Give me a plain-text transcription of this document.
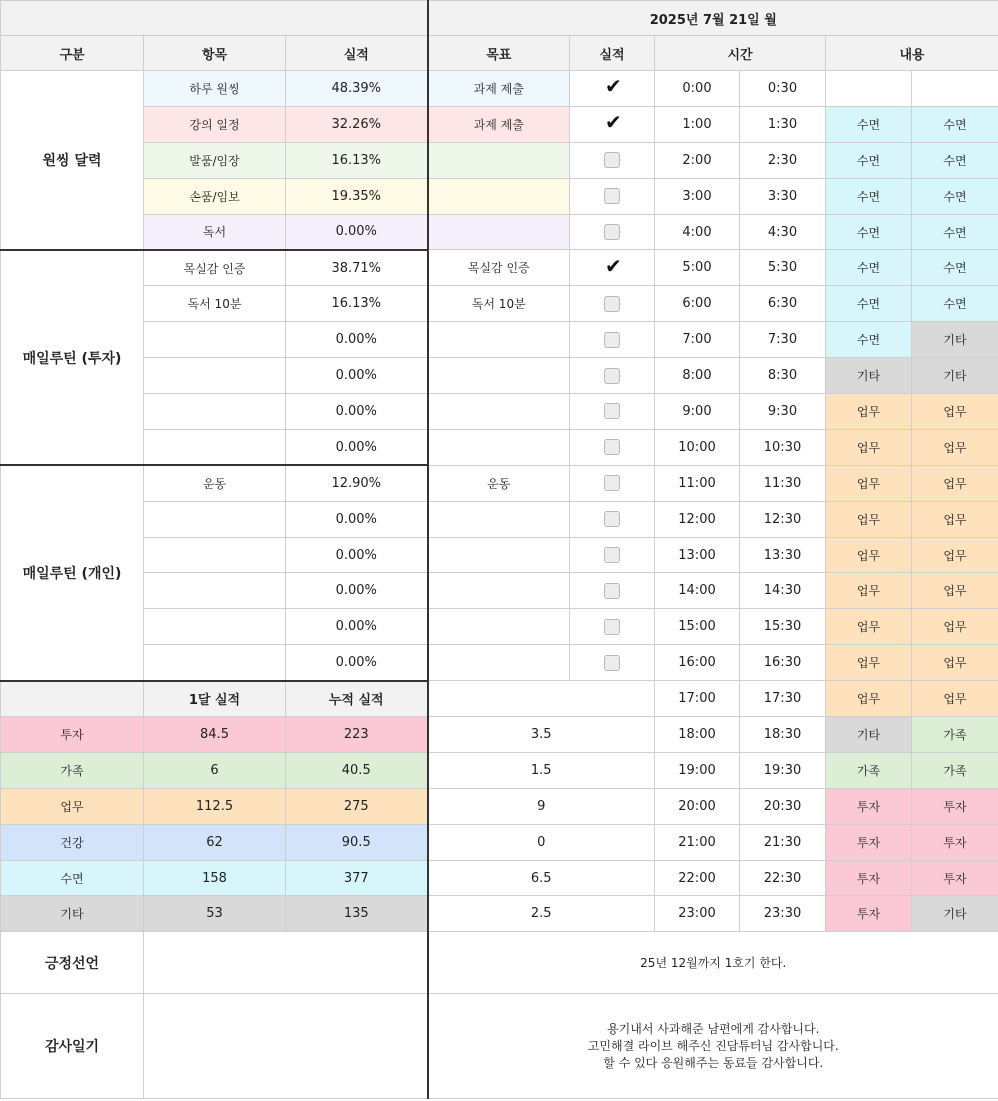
			2025년 7월 21일 월					
구분	항목	실적	목표	실적	시간		내용	
원씽 달력	하루 원씽	48.39%	과제 제출	✔	0:00	0:30		
	강의 일정	32.26%	과제 제출	✔	1:00	1:30	수면	수면
	발품/임장	16.13%			2:00	2:30	수면	수면
	손품/임보	19.35%			3:00	3:30	수면	수면
	독서	0.00%			4:00	4:30	수면	수면
매일루틴 (투자)	목실감 인증	38.71%	목실감 인증	✔	5:00	5:30	수면	수면
	독서 10분	16.13%	독서 10분		6:00	6:30	수면	수면
		0.00%			7:00	7:30	수면	기타
		0.00%			8:00	8:30	기타	기타
		0.00%			9:00	9:30	업무	업무
		0.00%			10:00	10:30	업무	업무
매일루틴 (개인)	운동	12.90%	운동		11:00	11:30	업무	업무
		0.00%			12:00	12:30	업무	업무
		0.00%			13:00	13:30	업무	업무
		0.00%			14:00	14:30	업무	업무
		0.00%			15:00	15:30	업무	업무
		0.00%			16:00	16:30	업무	업무
	1달 실적	누적 실적			17:00	17:30	업무	업무
투자	84.5	223	3.5		18:00	18:30	기타	가족
가족	6	40.5	1.5		19:00	19:30	가족	가족
업무	112.5	275	9		20:00	20:30	투자	투자
건강	62	90.5	0		21:00	21:30	투자	투자
수면	158	377	6.5		22:00	22:30	투자	투자
기타	53	135	2.5		23:00	23:30	투자	기타
긍정선언			25년 12월까지 1호기 한다.					
감사일기			용기내서 사과해준 남편에게 감사합니다.
고민해결 라이브 해주신 진담튜터님 감사합니다.
할 수 있다 응원해주는 동료들 감사합니다.					
